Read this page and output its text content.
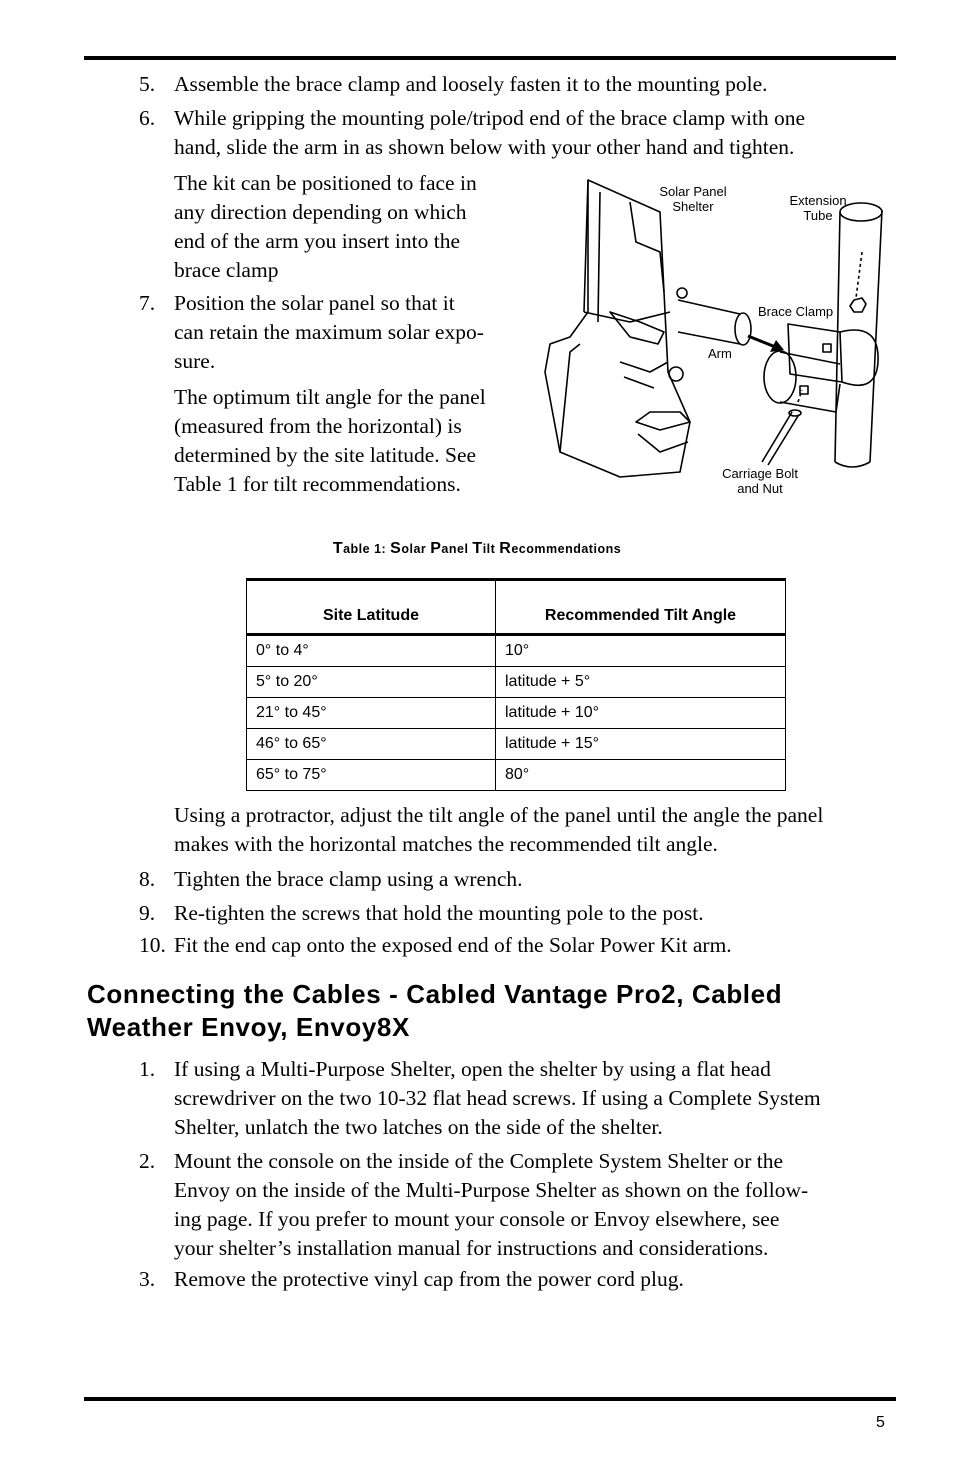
5. Assemble the brace clamp and loosely fasten it to the mounting pole.
6. While gripping the mounting pole/tripod end of the brace clamp with one
hand, slide the arm in as shown below with your other hand and tighten.
The kit can be positioned to face in
any direction depending on which
end of the arm you insert into the
brace clamp
7. Position the solar panel so that it
can retain the maximum solar expo-
sure.
The optimum tilt angle for the panel
(measured from the horizontal) is
determined by the site latitude. See
Table 1 for tilt recommendations.
Solar Panel
Shelter	Extension
Tube
Brace Clamp
Arm
Carriage Bolt
and Nut
Table 1: Solar Panel Tilt Recommendations
Site Latitude	Recommended Tilt Angle
0° to 4°	10°
5° to 20°	latitude + 5°
21° to 45°	latitude + 10°
46° to 65°	latitude + 15°
65° to 75°	80°
Using a protractor, adjust the tilt angle of the panel until the angle the panel
makes with the horizontal matches the recommended tilt angle.
8. Tighten the brace clamp using a wrench.
9. Re-tighten the screws that hold the mounting pole to the post.
10. Fit the end cap onto the exposed end of the Solar Power Kit arm.
Connecting the Cables - Cabled Vantage Pro2, Cabled
Weather Envoy, Envoy8X
1. If using a Multi-Purpose Shelter, open the shelter by using a flat head
screwdriver on the two 10-32 flat head screws. If using a Complete System
Shelter, unlatch the two latches on the side of the shelter.
2. Mount the console on the inside of the Complete System Shelter or the
Envoy on the inside of the Multi-Purpose Shelter as shown on the follow-
ing page. If you prefer to mount your console or Envoy elsewhere, see
your shelter’s installation manual for instructions and considerations.
3. Remove the protective vinyl cap from the power cord plug.
5
